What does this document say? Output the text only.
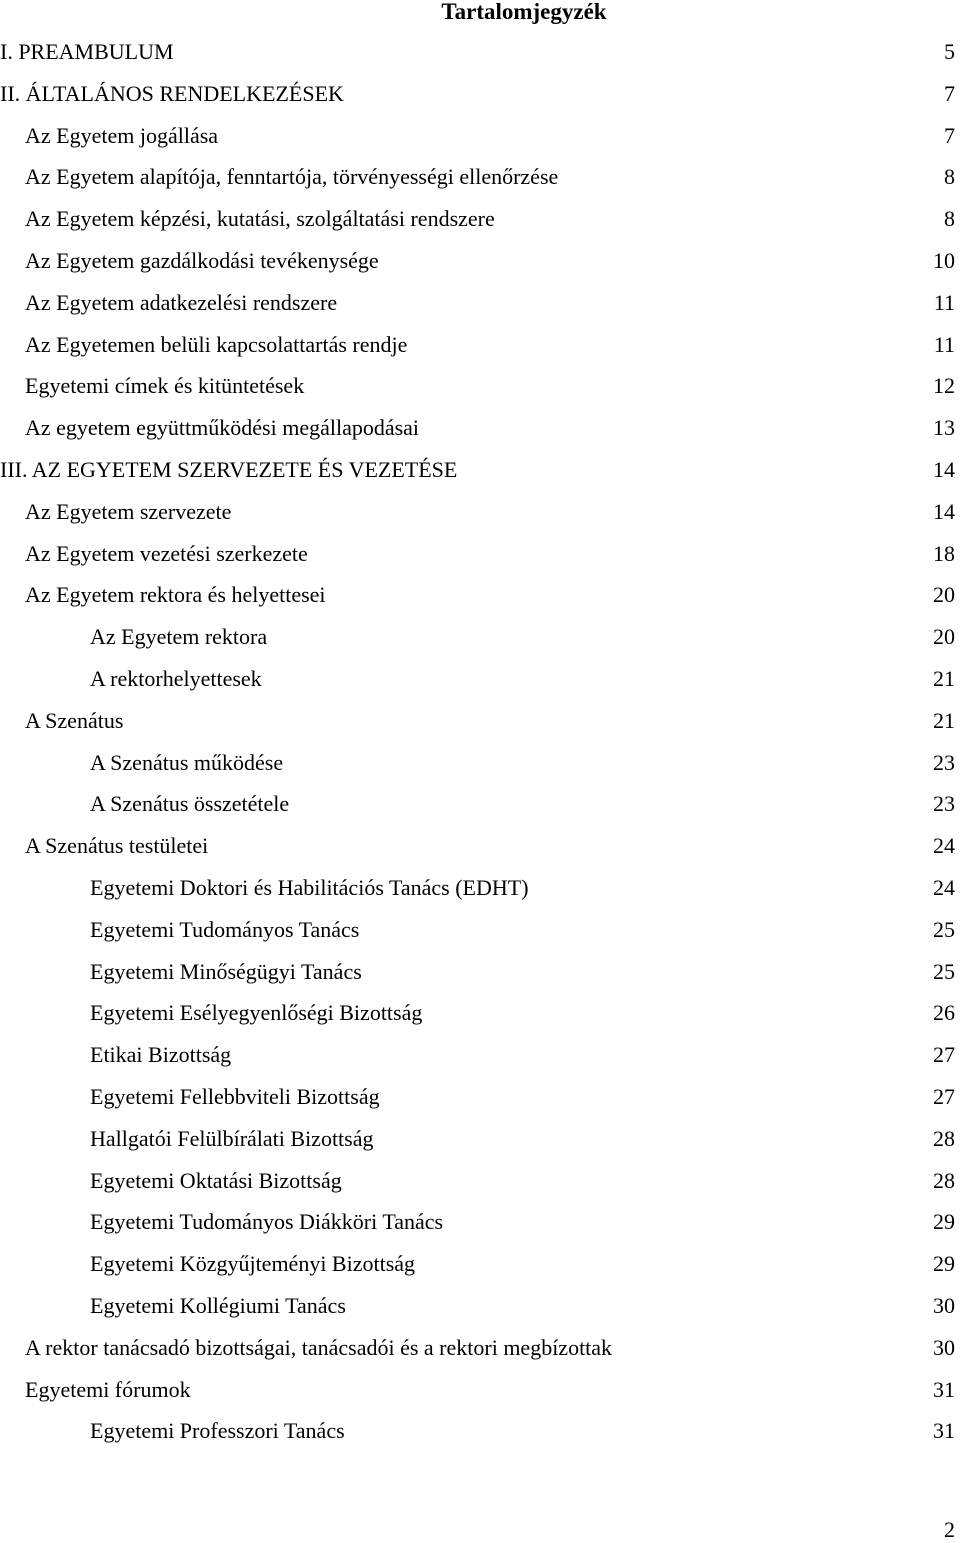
Tartalomjegyzék
I. PREAMBULUM	5
II. ÁLTALÁNOS RENDELKEZÉSEK	7
Az Egyetem jogállása	7
Az Egyetem alapítója, fenntartója, törvényességi ellenőrzése	8
Az Egyetem képzési, kutatási, szolgáltatási rendszere	8
Az Egyetem gazdálkodási tevékenysége	10
Az Egyetem adatkezelési rendszere	11
Az Egyetemen belüli kapcsolattartás rendje	11
Egyetemi címek és kitüntetések	12
Az egyetem együttműködési megállapodásai	13
III. AZ EGYETEM SZERVEZETE ÉS VEZETÉSE	14
Az Egyetem szervezete	14
Az Egyetem vezetési szerkezete	18
Az Egyetem rektora és helyettesei	20
Az Egyetem rektora	20
A rektorhelyettesek	21
A Szenátus	21
A Szenátus működése	23
A Szenátus összetétele	23
A Szenátus testületei	24
Egyetemi Doktori és Habilitációs Tanács (EDHT)	24
Egyetemi Tudományos Tanács	25
Egyetemi Minőségügyi Tanács	25
Egyetemi Esélyegyenlőségi Bizottság	26
Etikai Bizottság	27
Egyetemi Fellebbviteli Bizottság	27
Hallgatói Felülbírálati Bizottság	28
Egyetemi Oktatási Bizottság	28
Egyetemi Tudományos Diákköri Tanács	29
Egyetemi Közgyűjteményi Bizottság	29
Egyetemi Kollégiumi Tanács	30
A rektor tanácsadó bizottságai, tanácsadói és a rektori megbízottak	30
Egyetemi fórumok	31
Egyetemi Professzori Tanács	31
2
